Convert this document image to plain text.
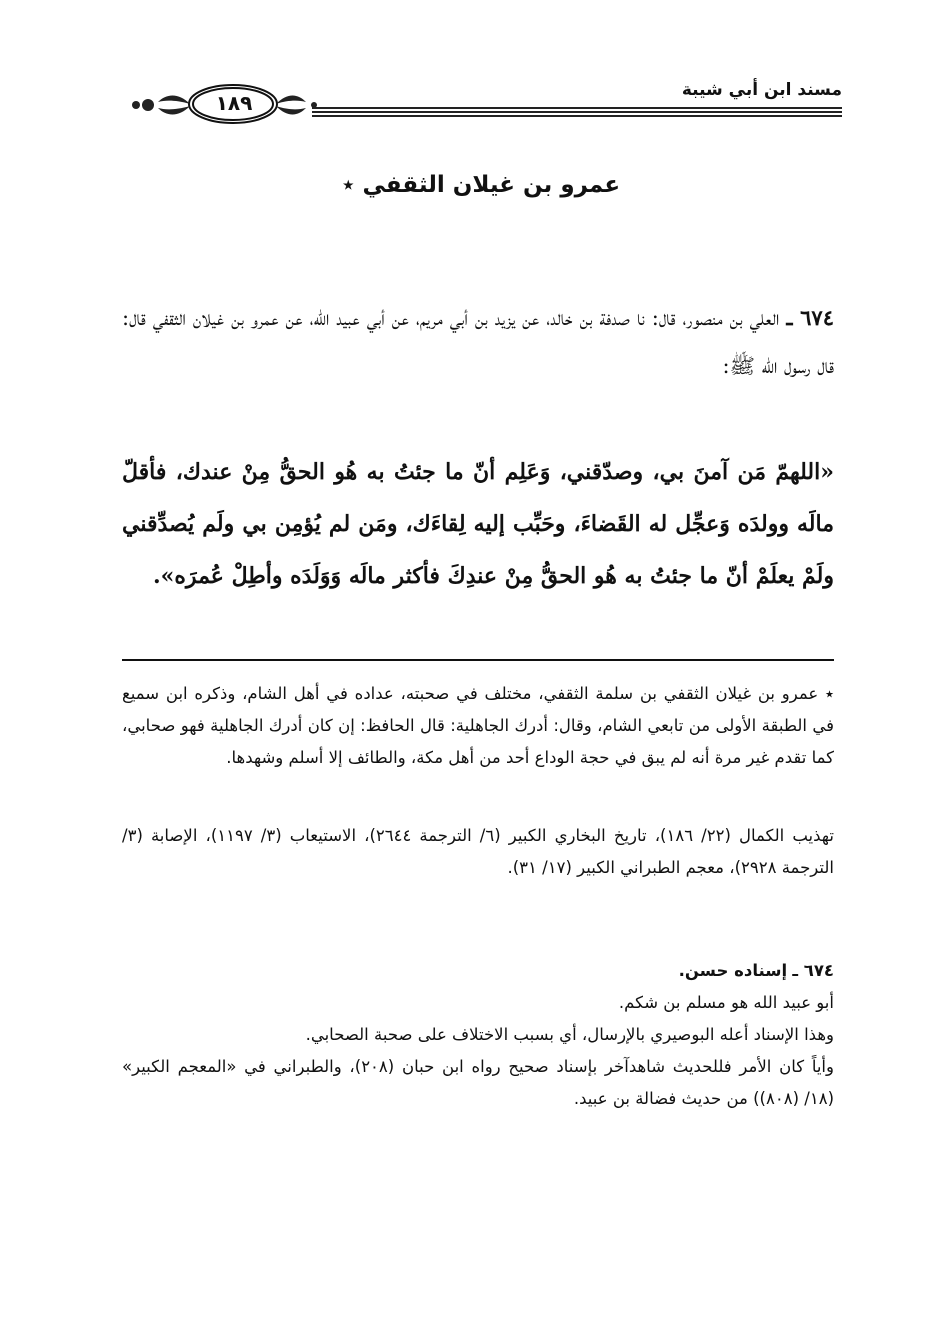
مسند ابن أبي شيبة
١٨٩
عمرو بن غيلان الثقفي ٭
٦٧٤ ـ العلي بن منصور، قال: نا صدفة بن خالد، عن يزيد بن أبي مريم، عن أبي عبيد الله، عن عمرو بن غيلان الثقفي قال: قال رسول الله ﷺ:
«اللهمّ مَن آمنَ بي، وصدّقني، وَعَلِم أنّ ما جئتُ به هُو الحقُّ مِنْ عندك، فأقلّ مالَه وولدَه وَعجِّل له القَضاءَ، وحَبِّب إليه لِقاءَك، ومَن لم يُؤمِن بي ولَم يُصدِّقني ولَمْ يعلَمْ أنّ ما جئتُ به هُو الحقُّ مِنْ عندِكَ فأكثر مالَه وَوَلَدَه وأطِلْ عُمرَه».
٭ عمرو بن غيلان الثقفي بن سلمة الثقفي، مختلف في صحبته، عداده في أهل الشام، وذكره ابن سميع في الطبقة الأولى من تابعي الشام، وقال: أدرك الجاهلية: قال الحافظ: إن كان أدرك الجاهلية فهو صحابي، كما تقدم غير مرة أنه لم يبق في حجة الوداع أحد من أهل مكة، والطائف إلا أسلم وشهدها.
تهذيب الكمال (٢٢/ ١٨٦)، تاريخ البخاري الكبير (٦/ الترجمة ٢٦٤٤)، الاستيعاب (٣/ ١١٩٧)، الإصابة (٣/ الترجمة ٢٩٢٨)، معجم الطبراني الكبير (١٧/ ٣١).

٦٧٤ ـ إسناده حسن.

أبو عبيد الله هو مسلم بن شكم.

وهذا الإسناد أعله البوصيري بالإرسال، أي بسبب الاختلاف على صحبة الصحابي.

وأياً كان الأمر فللحديث شاهدآخر بإسناد صحيح رواه ابن حبان (٢٠٨)، والطبراني في «المعجم الكبير» (١٨/ (٨٠٨)) من حديث فضالة بن عبيد.
